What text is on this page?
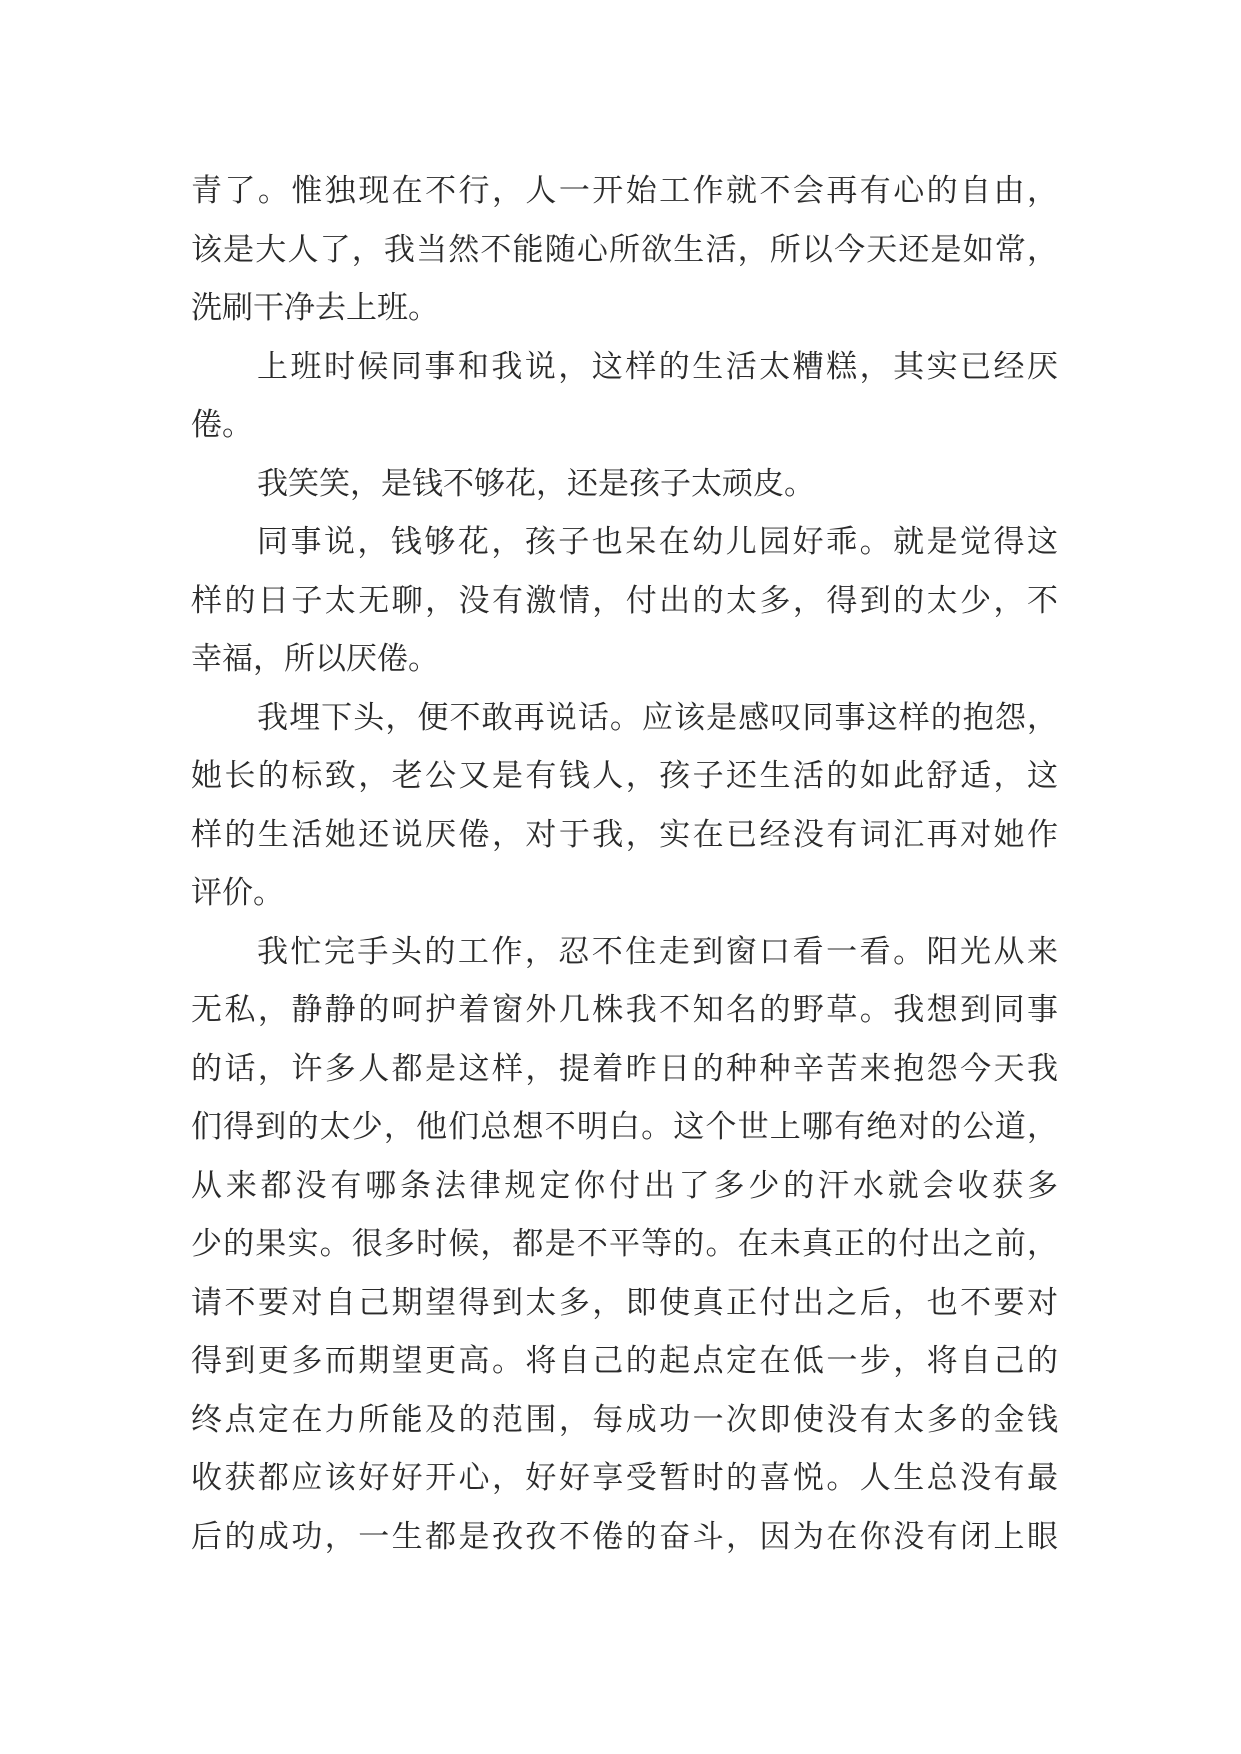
青了。惟独现在不行，人一开始工作就不会再有心的自由，
该是大人了，我当然不能随心所欲生活，所以今天还是如常，
洗刷干净去上班。
上班时候同事和我说，这样的生活太糟糕，其实已经厌
倦。
我笑笑，是钱不够花，还是孩子太顽皮。
同事说，钱够花，孩子也呆在幼儿园好乖。就是觉得这
样的日子太无聊，没有激情，付出的太多，得到的太少，不
幸福，所以厌倦。
我埋下头，便不敢再说话。应该是感叹同事这样的抱怨，
她长的标致，老公又是有钱人，孩子还生活的如此舒适，这
样的生活她还说厌倦，对于我，实在已经没有词汇再对她作
评价。
我忙完手头的工作，忍不住走到窗口看一看。阳光从来
无私，静静的呵护着窗外几株我不知名的野草。我想到同事
的话，许多人都是这样，提着昨日的种种辛苦来抱怨今天我
们得到的太少，他们总想不明白。这个世上哪有绝对的公道，
从来都没有哪条法律规定你付出了多少的汗水就会收获多
少的果实。很多时候，都是不平等的。在未真正的付出之前，
请不要对自己期望得到太多，即使真正付出之后，也不要对
得到更多而期望更高。将自己的起点定在低一步，将自己的
终点定在力所能及的范围，每成功一次即使没有太多的金钱
收获都应该好好开心，好好享受暂时的喜悦。人生总没有最
后的成功，一生都是孜孜不倦的奋斗，因为在你没有闭上眼
